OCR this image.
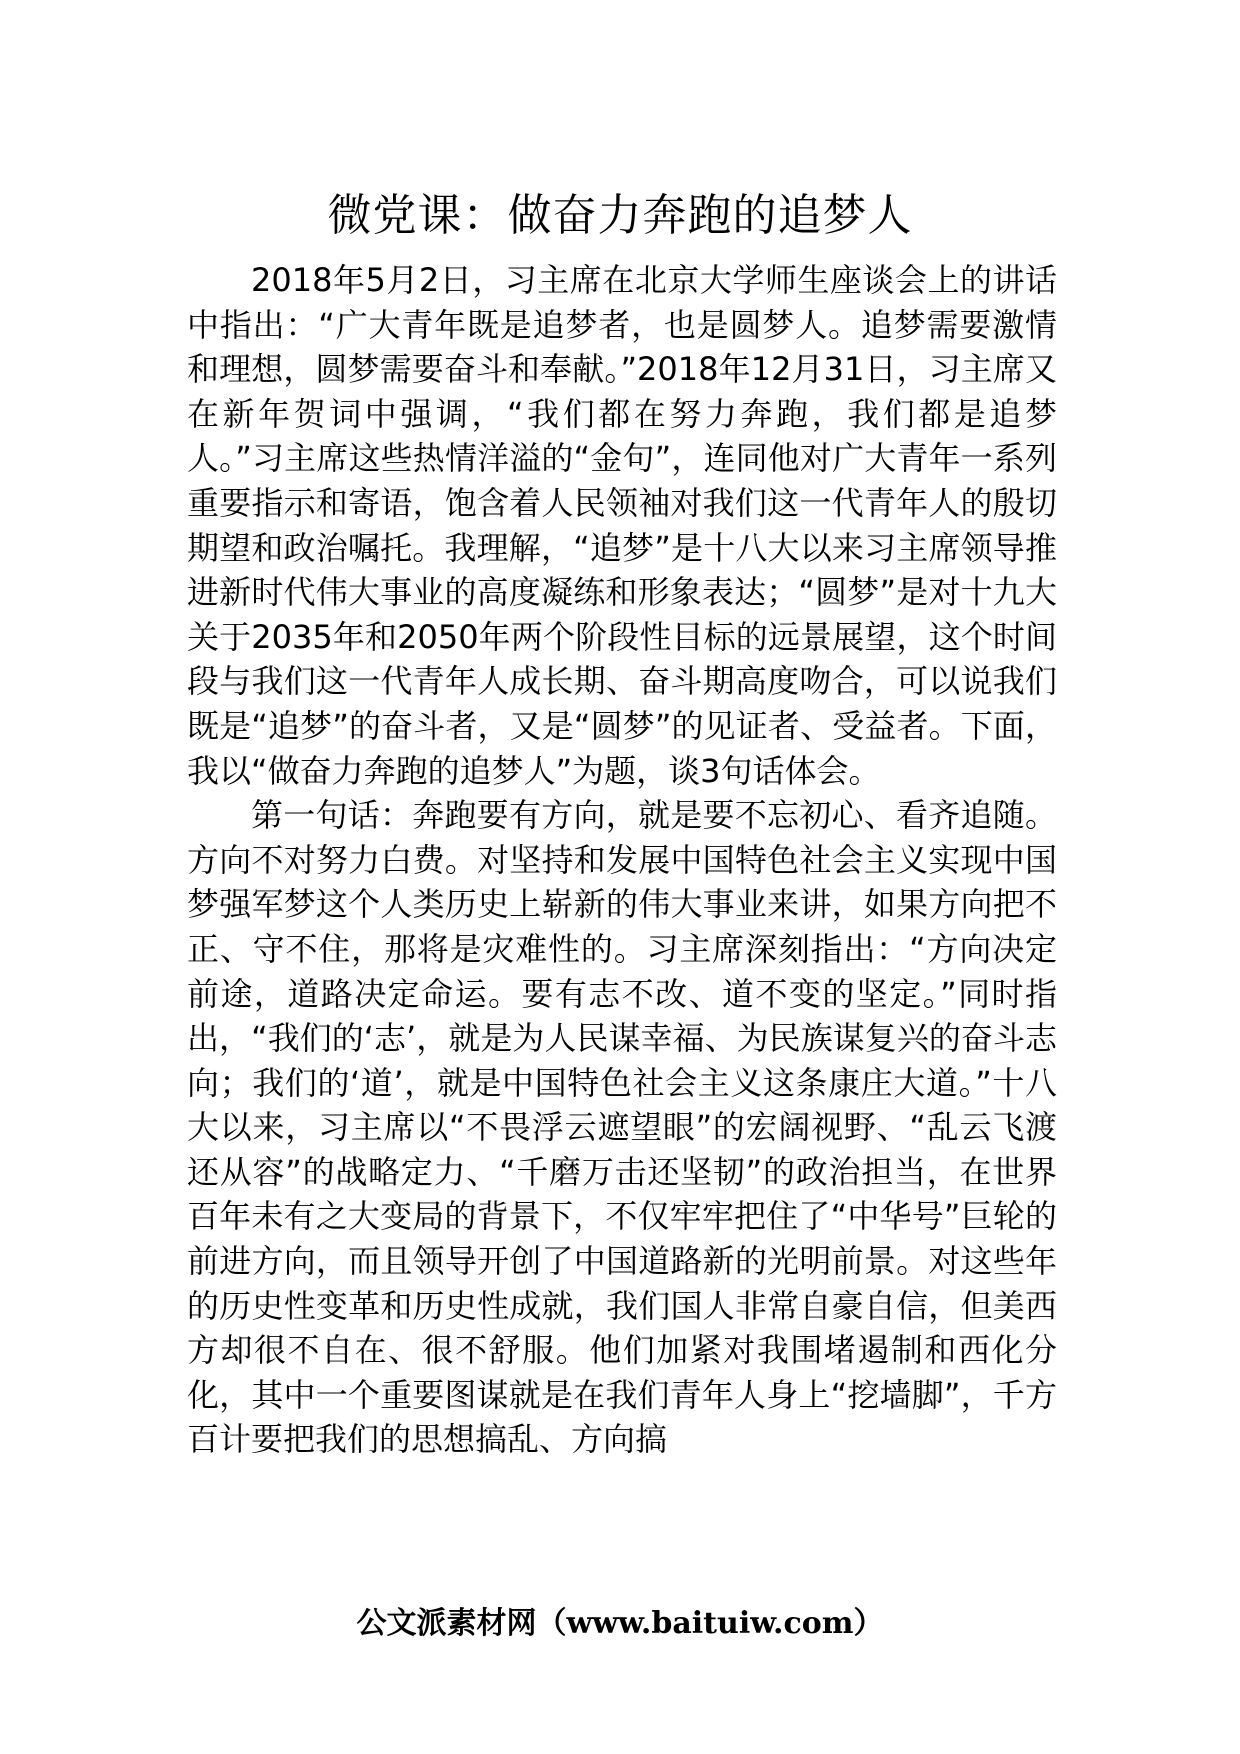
微党课：做奋力奔跑的追梦人

2018年5月2日，习主席在北京大学师生座谈会上的讲话中指出：“广大青年既是追梦者，也是圆梦人。追梦需要激情和理想，圆梦需要奋斗和奉献。”2018年12月31日，习主席又在新年贺词中强调，“我们都在努力奔跑，我们都是追梦人。”习主席这些热情洋溢的“金句”，连同他对广大青年一系列重要指示和寄语，饱含着人民领袖对我们这一代青年人的殷切期望和政治嘱托。我理解，“追梦”是十八大以来习主席领导推进新时代伟大事业的高度凝练和形象表达；“圆梦”是对十九大关于2035年和2050年两个阶段性目标的远景展望，这个时间段与我们这一代青年人成长期、奋斗期高度吻合，可以说我们既是“追梦”的奋斗者，又是“圆梦”的见证者、受益者。下面，我以“做奋力奔跑的追梦人”为题，谈3句话体会。

第一句话：奔跑要有方向，就是要不忘初心、看齐追随。方向不对努力白费。对坚持和发展中国特色社会主义实现中国梦强军梦这个人类历史上崭新的伟大事业来讲，如果方向把不正、守不住，那将是灾难性的。习主席深刻指出：“方向决定前途，道路决定命运。要有志不改、道不变的坚定。”同时指出，“我们的‘志’，就是为人民谋幸福、为民族谋复兴的奋斗志向；我们的‘道’，就是中国特色社会主义这条康庄大道。”十八大以来，习主席以“不畏浮云遮望眼”的宏阔视野、“乱云飞渡还从容”的战略定力、“千磨万击还坚韧”的政治担当，在世界百年未有之大变局的背景下，不仅牢牢把住了“中华号”巨轮的前进方向，而且领导开创了中国道路新的光明前景。对这些年的历史性变革和历史性成就，我们国人非常自豪自信，但美西方却很不自在、很不舒服。他们加紧对我围堵遏制和西化分化，其中一个重要图谋就是在我们青年人身上“挖墙脚”，千方百计要把我们的思想搞乱、方向搞

公文派素材网（www.baituiw.com）
